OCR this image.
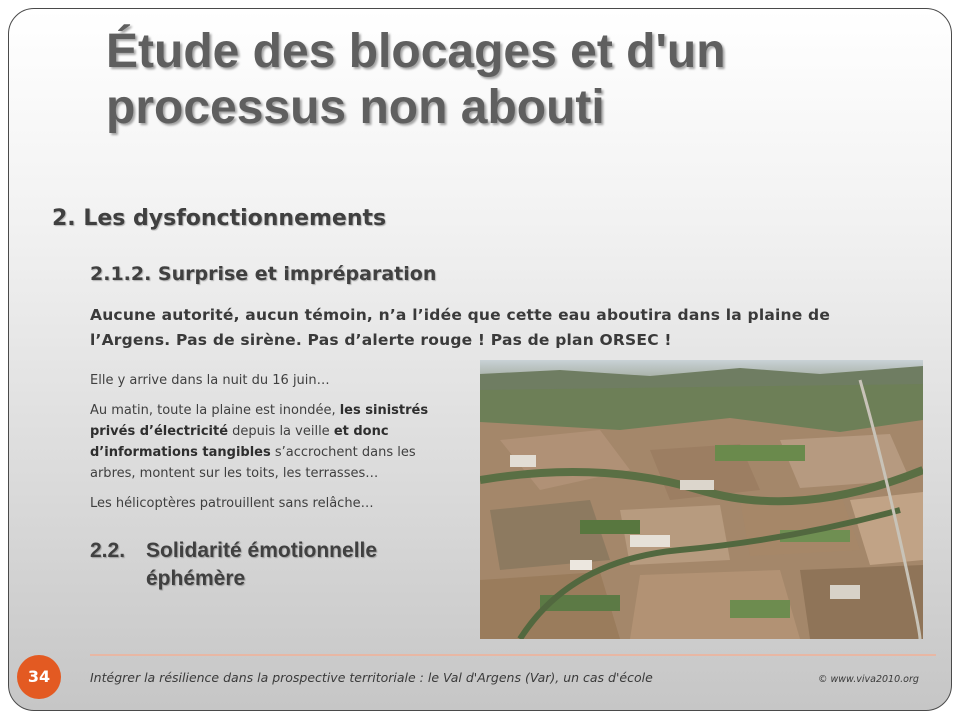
Étude des blocages et d'un processus non abouti
2. Les dysfonctionnements
2.1.2. Surprise et impréparation
Aucune autorité, aucun témoin, n’a l’idée que cette eau aboutira dans la plaine de l’Argens. Pas de sirène. Pas d’alerte rouge ! Pas de plan ORSEC !
Elle y arrive dans la nuit du 16 juin…
Au matin, toute la plaine est inondée, les sinistrés privés d’électricité depuis la veille et donc d’informations tangibles s’accrochent dans les arbres, montent sur les toits, les terrasses…
Les hélicoptères patrouillent sans relâche…
2.2. Solidarité émotionnelle
éphémère
34	Intégrer la résilience dans la prospective territoriale : le Val d'Argens (Var), un cas d'école	© www.viva2010.org
